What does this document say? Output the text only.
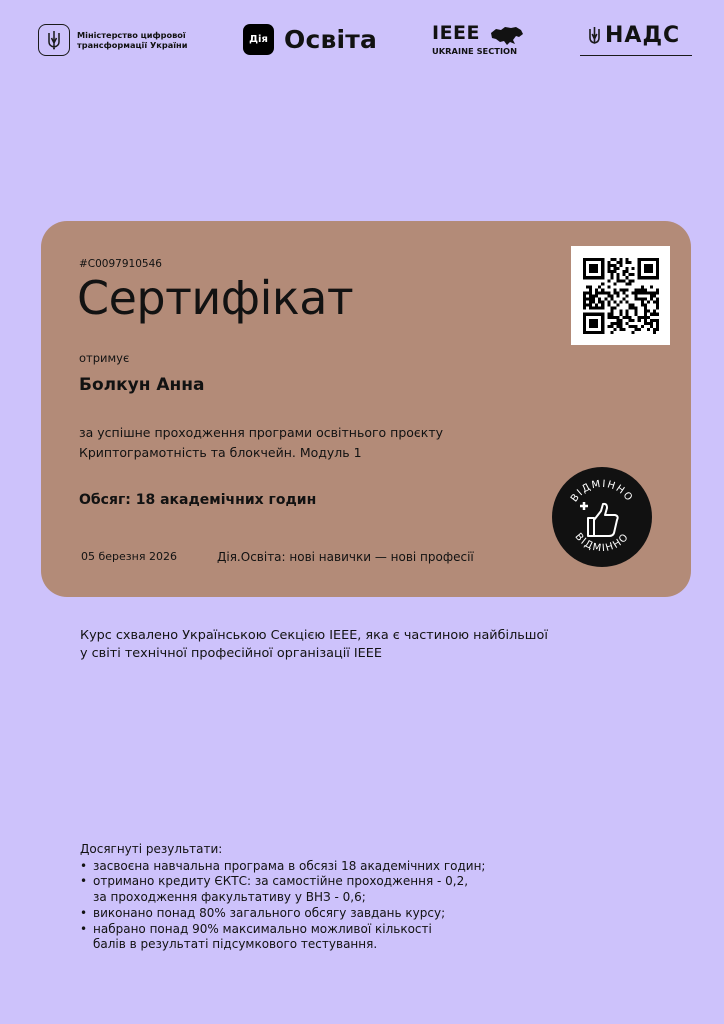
Міністерство цифрової трансформації України	Дія Освіта	IEEE
UKRAINE SECTION
НАДС
#C0097910546
Сертифікат
отримує
Болкун Анна
за успішне проходження програми освітнього проєкту
Криптограмотність та блокчейн. Модуль 1
Обсяг: 18 академічних годин
05 березня 2026	Дія.Освіта: нові навички — нові професії
ВІДМІННО
ВІДМІННО
Курс схвалено Українською Секцією IEEE, яка є частиною найбільшої
у світі технічної професійної організації IEEE
Досягнуті результати:
• засвоєна навчальна програма в обсязі 18 академічних годин;
• отримано кредиту ЄКТС: за самостійне проходження - 0,2,
за проходження факультативу у ВНЗ - 0,6;
• виконано понад 80% загального обсягу завдань курсу;
• набрано понад 90% максимально можливої кількості
балів в результаті підсумкового тестування.
